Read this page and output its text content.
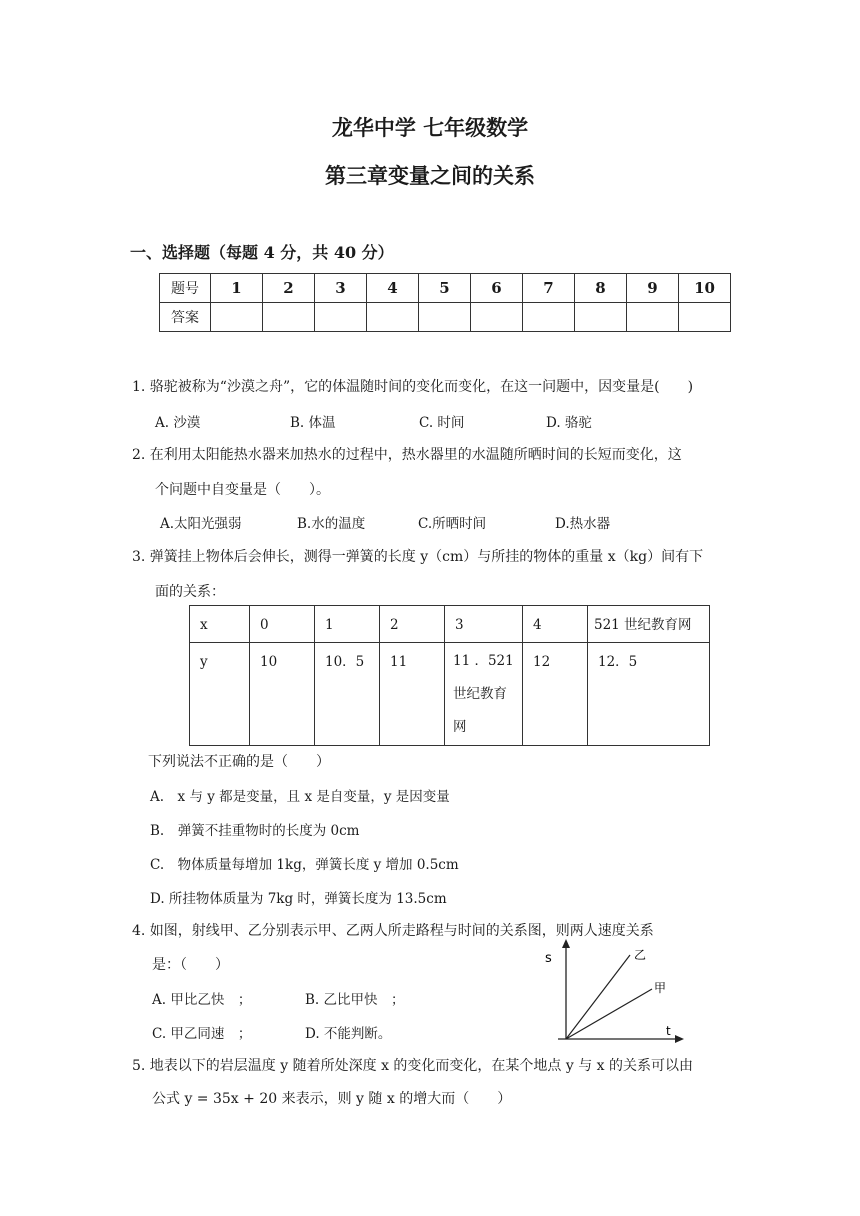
龙华中学 七年级数学
第三章变量之间的关系
一、选择题（每题 4 分，共 40 分）
题号	1	2	3	4	5	6	7	8	9	10
答案										
1. 骆驼被称为“沙漠之舟”，它的体温随时间的变化而变化，在这一问题中，因变量是(　　)
A. 沙漠	B. 体温	C. 时间	D. 骆驼
2. 在利用太阳能热水器来加热水的过程中，热水器里的水温随所晒时间的长短而变化，这
个问题中自变量是（　　）。
A.太阳光强弱	B.水的温度	C.所晒时间	D.热水器
3. 弹簧挂上物体后会伸长，测得一弹簧的长度 y（cm）与所挂的物体的重量 x（kg）间有下
面的关系：
x	0	1	2	3	4	521 世纪教育网
y	10	10．5	11	11 ．521 世纪教育网	12	12．5
下列说法不正确的是（　　）
A.　x 与 y 都是变量，且 x 是自变量，y 是因变量
B.　弹簧不挂重物时的长度为 0cm
C.　物体质量每增加 1kg，弹簧长度 y 增加 0.5cm
D. 所挂物体质量为 7kg 时，弹簧长度为 13.5cm
4. 如图，射线甲、乙分别表示甲、乙两人所走路程与时间的关系图，则两人速度关系
是：（　　）
A. 甲比乙快　；	B. 乙比甲快　；
C. 甲乙同速　；	D. 不能判断。
s
t
乙
甲
5. 地表以下的岩层温度 y 随着所处深度 x 的变化而变化，在某个地点 y 与 x 的关系可以由
公式 y = 35x + 20 来表示，则 y 随 x 的增大而（　　）
